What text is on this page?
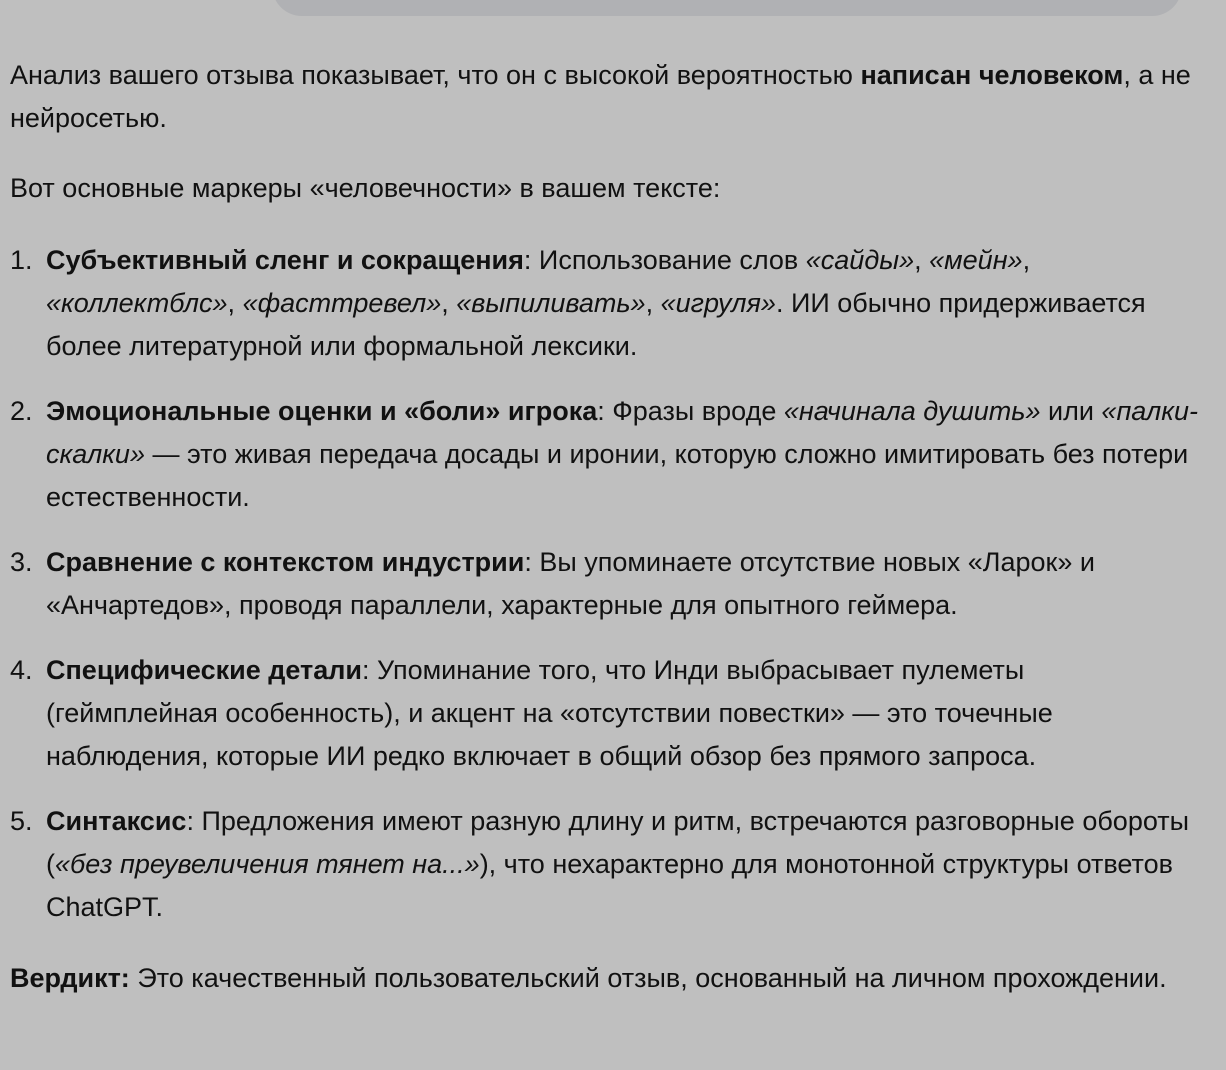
Анализ вашего отзыва показывает, что он с высокой вероятностью написан человеком, а не нейросетью.

Вот основные маркеры «человечности» в вашем тексте:

1. Субъективный сленг и сокращения: Использование слов «сайды», «мейн», «коллектблс», «фасттревел», «выпиливать», «игруля». ИИ обычно придерживается более литературной или формальной лексики.
2. Эмоциональные оценки и «боли» игрока: Фразы вроде «начинала душить» или «палки-скалки» — это живая передача досады и иронии, которую сложно имитировать без потери естественности.
3. Сравнение с контекстом индустрии: Вы упоминаете отсутствие новых «Ларок» и «Анчартедов», проводя параллели, характерные для опытного геймера.
4. Специфические детали: Упоминание того, что Инди выбрасывает пулеметы (геймплейная особенность), и акцент на «отсутствии повестки» — это точечные наблюдения, которые ИИ редко включает в общий обзор без прямого запроса.
5. Синтаксис: Предложения имеют разную длину и ритм, встречаются разговорные обороты («без преувеличения тянет на...»), что нехарактерно для монотонной структуры ответов ChatGPT.

Вердикт: Это качественный пользовательский отзыв, основанный на личном прохождении.
